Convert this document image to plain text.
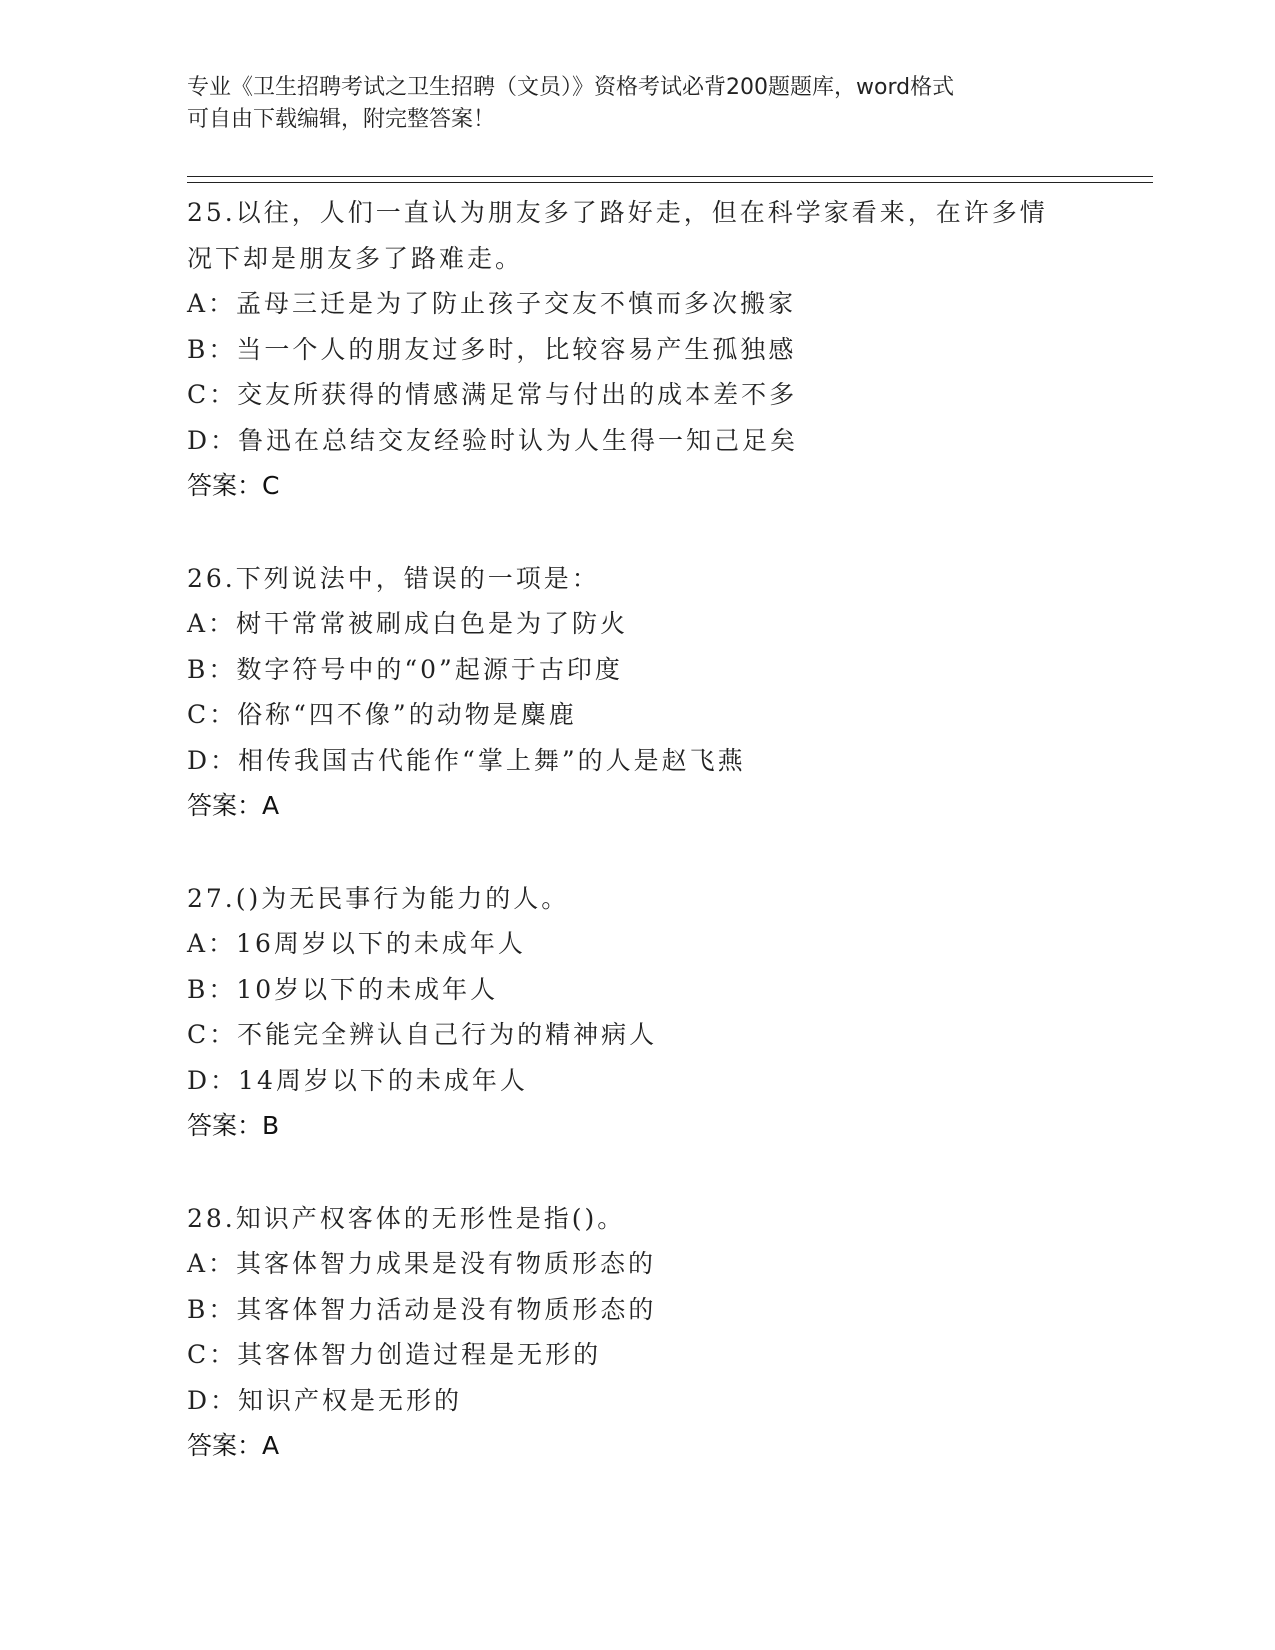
专业《卫生招聘考试之卫生招聘（文员）》资格考试必背200题题库，word格式
可自由下载编辑，附完整答案！
25.以往，人们一直认为朋友多了路好走，但在科学家看来，在许多情
况下却是朋友多了路难走。
A：孟母三迁是为了防止孩子交友不慎而多次搬家
B：当一个人的朋友过多时，比较容易产生孤独感
C：交友所获得的情感满足常与付出的成本差不多
D：鲁迅在总结交友经验时认为人生得一知己足矣
答案：C
26.下列说法中，错误的一项是：
A：树干常常被刷成白色是为了防火
B：数字符号中的“0”起源于古印度
C：俗称“四不像”的动物是麋鹿
D：相传我国古代能作“掌上舞”的人是赵飞燕
答案：A
27.()为无民事行为能力的人。
A：16周岁以下的未成年人
B：10岁以下的未成年人
C：不能完全辨认自己行为的精神病人
D：14周岁以下的未成年人
答案：B
28.知识产权客体的无形性是指()。
A：其客体智力成果是没有物质形态的
B：其客体智力活动是没有物质形态的
C：其客体智力创造过程是无形的
D：知识产权是无形的
答案：A
